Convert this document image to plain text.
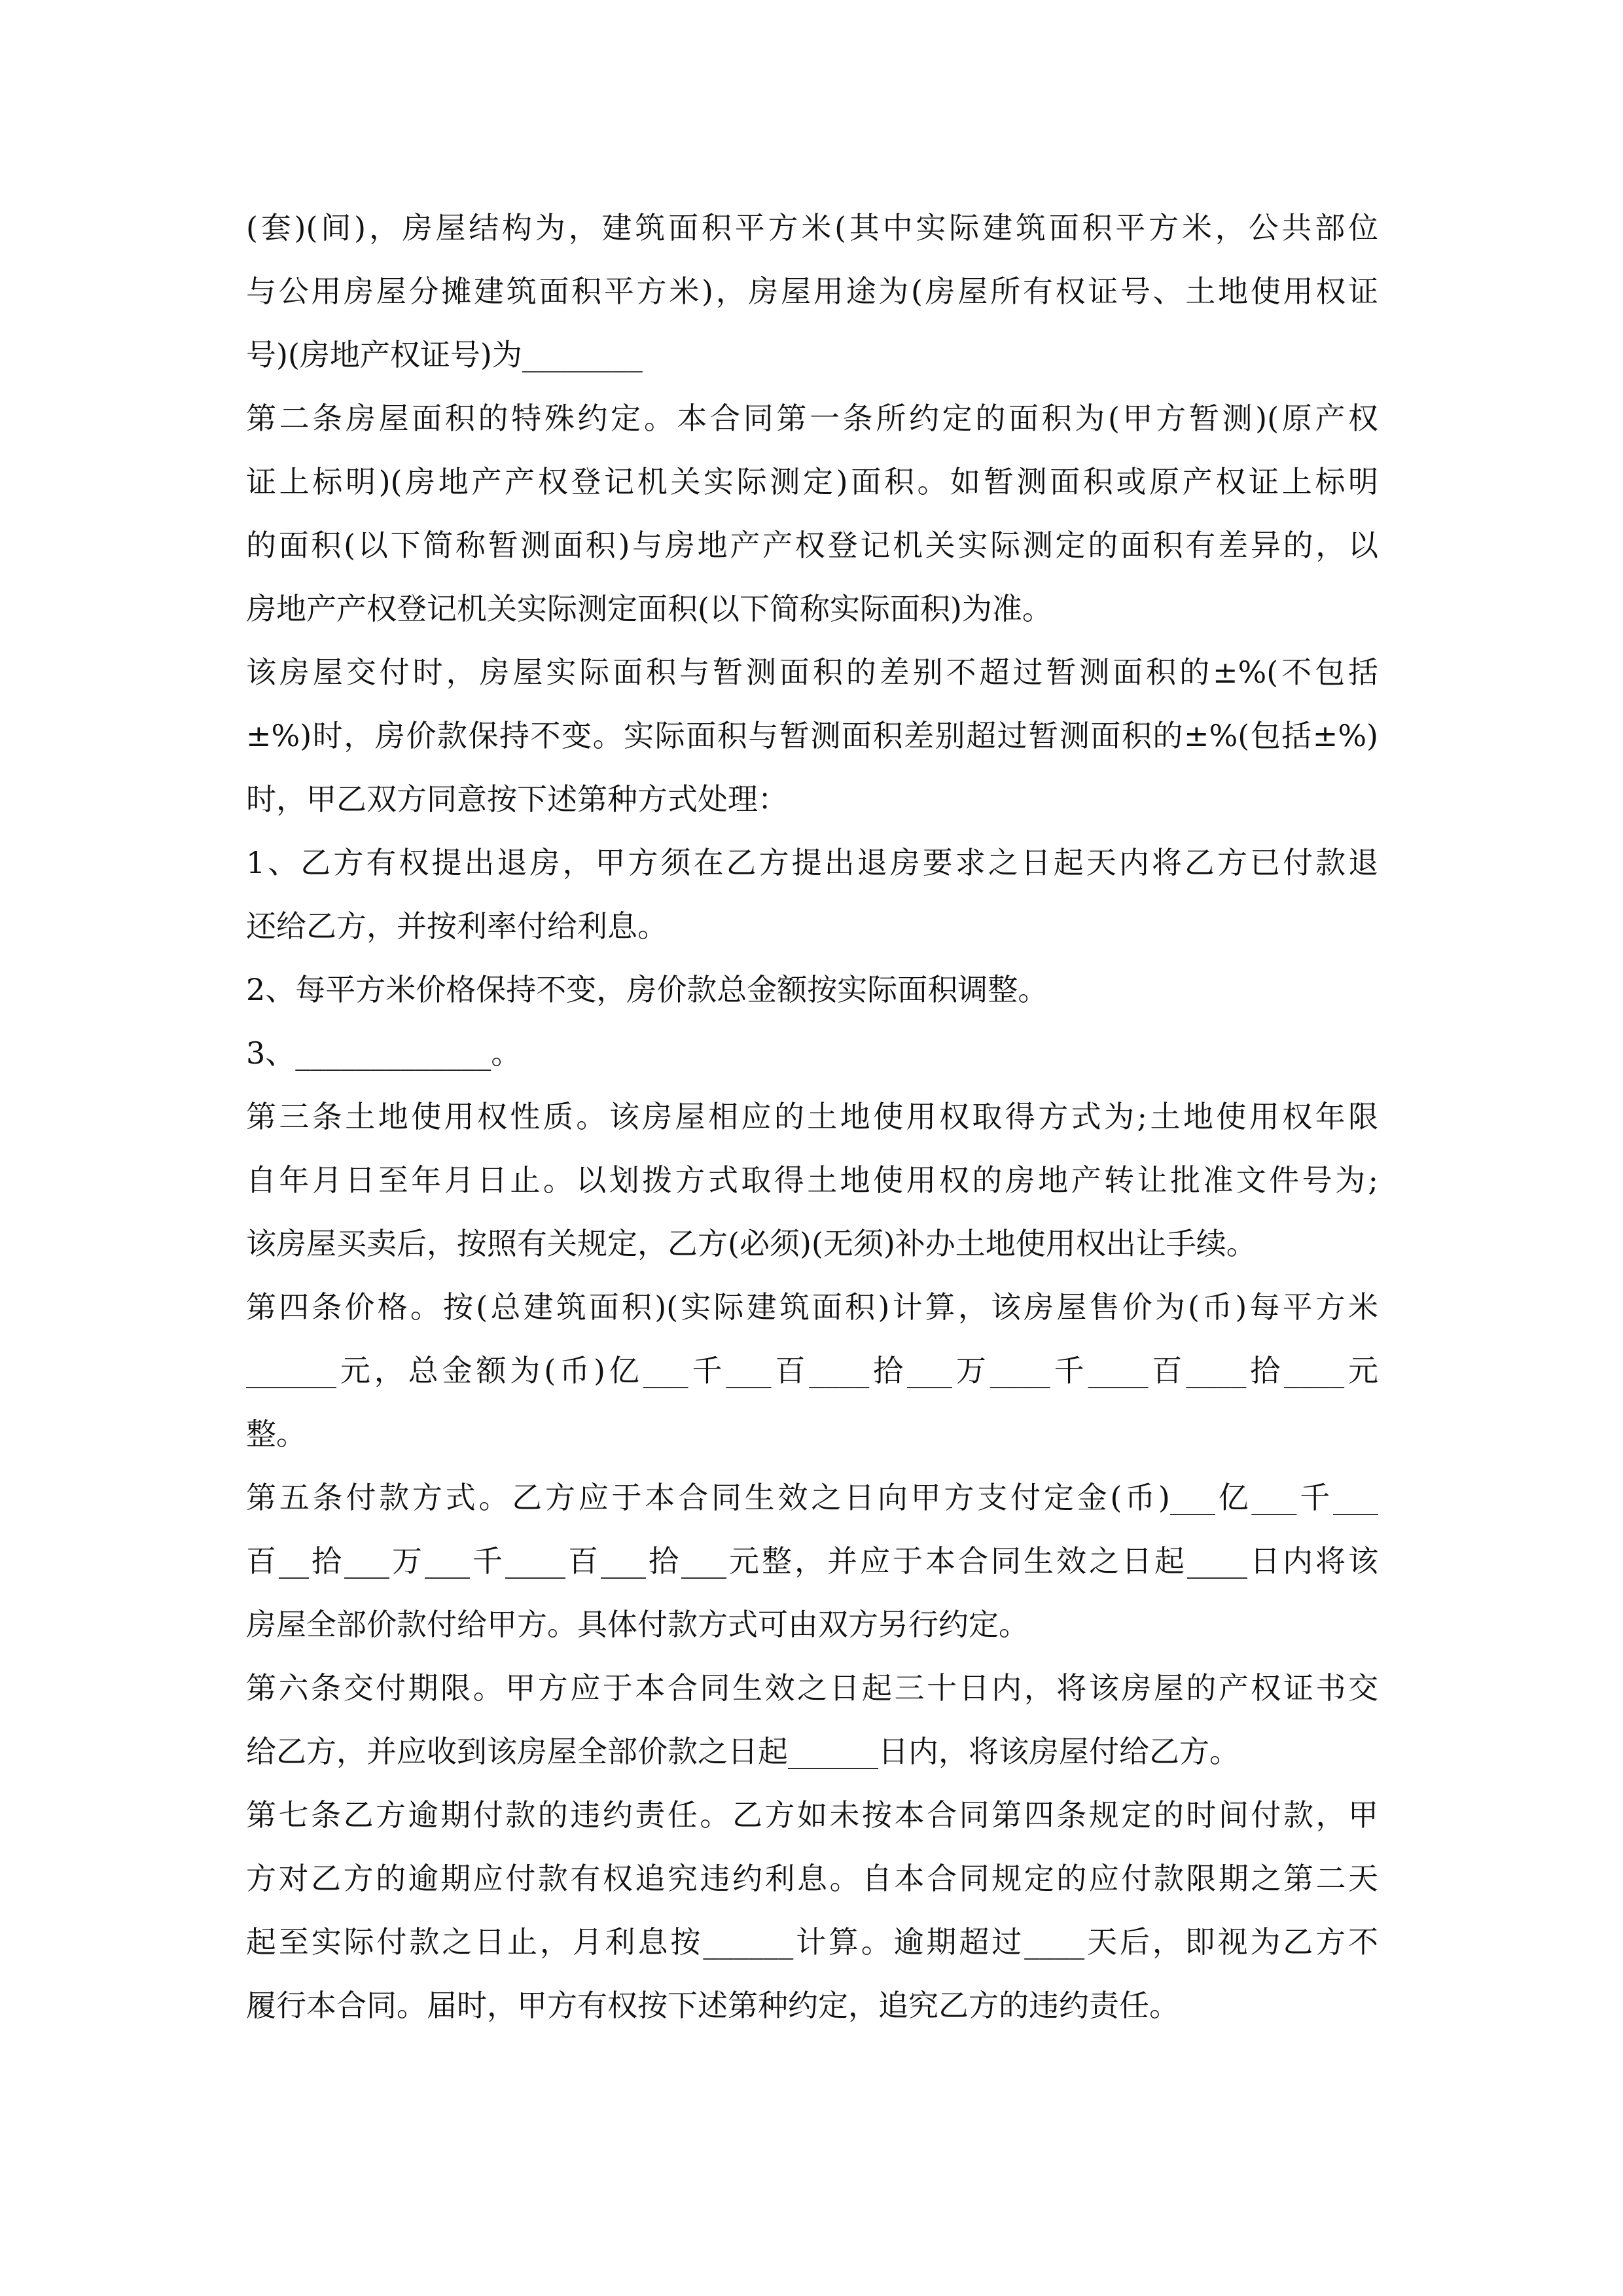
(套)(间)，房屋结构为，建筑面积平方米(其中实际建筑面积平方米，公共部位
与公用房屋分摊建筑面积平方米)，房屋用途为(房屋所有权证号、土地使用权证
号)(房地产权证号)为________
第二条房屋面积的特殊约定。本合同第一条所约定的面积为(甲方暂测)(原产权
证上标明)(房地产产权登记机关实际测定)面积。如暂测面积或原产权证上标明
的面积(以下简称暂测面积)与房地产产权登记机关实际测定的面积有差异的，以
房地产产权登记机关实际测定面积(以下简称实际面积)为准。
该房屋交付时，房屋实际面积与暂测面积的差别不超过暂测面积的±%(不包括
±%)时，房价款保持不变。实际面积与暂测面积差别超过暂测面积的±%(包括±%)
时，甲乙双方同意按下述第种方式处理：
1、乙方有权提出退房，甲方须在乙方提出退房要求之日起天内将乙方已付款退
还给乙方，并按利率付给利息。
2、每平方米价格保持不变，房价款总金额按实际面积调整。
3、_____________。
第三条土地使用权性质。该房屋相应的土地使用权取得方式为;土地使用权年限
自年月日至年月日止。以划拨方式取得土地使用权的房地产转让批准文件号为;
该房屋买卖后，按照有关规定，乙方(必须)(无须)补办土地使用权出让手续。
第四条价格。按(总建筑面积)(实际建筑面积)计算，该房屋售价为(币)每平方米
______元，总金额为(币)亿___千___百____拾___万____千____百____拾____元
整。
第五条付款方式。乙方应于本合同生效之日向甲方支付定金(币)___亿___千___
百__拾___万___千____百___拾___元整，并应于本合同生效之日起____日内将该
房屋全部价款付给甲方。具体付款方式可由双方另行约定。
第六条交付期限。甲方应于本合同生效之日起三十日内，将该房屋的产权证书交
给乙方，并应收到该房屋全部价款之日起______日内，将该房屋付给乙方。
第七条乙方逾期付款的违约责任。乙方如未按本合同第四条规定的时间付款，甲
方对乙方的逾期应付款有权追究违约利息。自本合同规定的应付款限期之第二天
起至实际付款之日止，月利息按______计算。逾期超过____天后，即视为乙方不
履行本合同。届时，甲方有权按下述第种约定，追究乙方的违约责任。
